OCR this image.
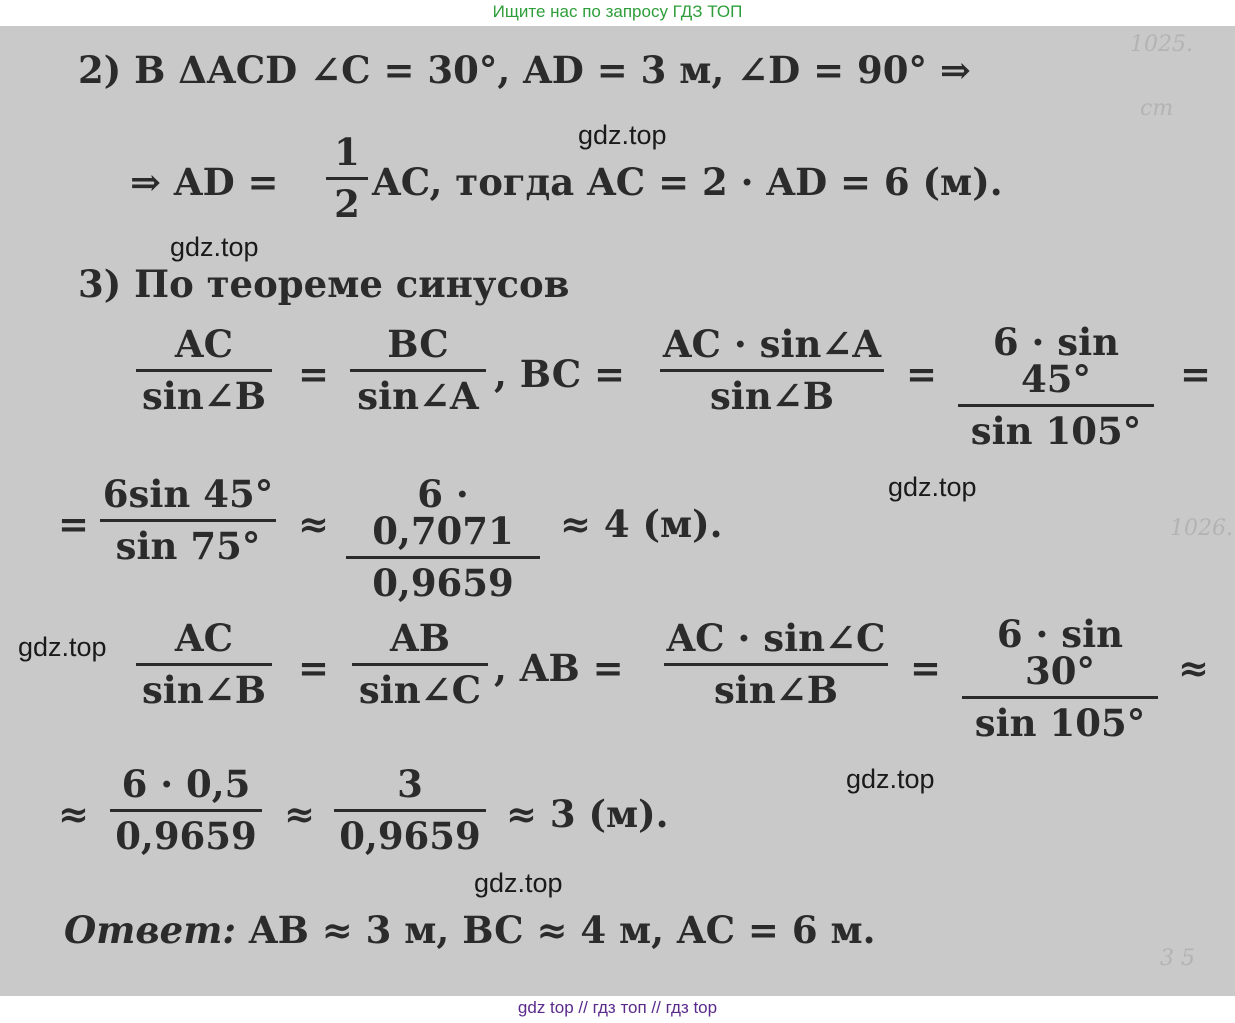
Ищите нас по запросу ГДЗ ТОП
1025.
ст
1026.
3 5
2) В ΔACD ∠C = 30°, AD = 3 м, ∠D = 90° ⇒
⇒ AD =
1
2 AC, тогда AC = 2 · AD = 6 (м).
3) По теореме синусов
AC
sin∠B =
BC
sin∠A , BC =
AC · sin∠A
sin∠B	=
6 · sin 45°
sin 105°
=
=
6sin 45°
sin 75°	≈
6 · 0,7071
0,9659
≈ 4 (м).
AC
sin∠B =
AB
sin∠C , AB =
AC · sin∠C
sin∠B	=
6 · sin 30°
sin 105°
≈
≈
6 · 0,5
0,9659 ≈
3
0,9659 ≈ 3 (м).
Ответ: AB ≈ 3 м, BC ≈ 4 м, AC = 6 м.
gdz.top
gdz.top
gdz.top
gdz.top
gdz.top
gdz.top
gdz top // гдз топ // гдз top
